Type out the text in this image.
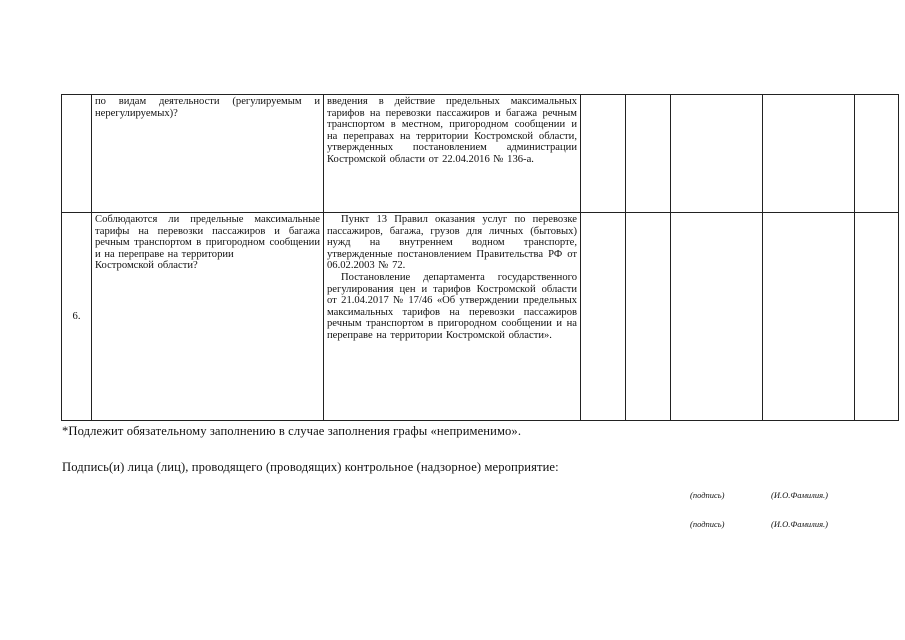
	по видам деятельности (регулируемым и нерегулируемых)?	введения в действие предельных максимальных тарифов на перевозки пассажиров и багажа речным транспортом в местном, пригородном сообщении и на переправах на территории Костромской области, утвержденных постановлением администрации Костромской области от 22.04.2016 № 136-а.					

6.	Соблюдаются ли предельные максимальные тарифы на перевозки пассажиров и багажа речным транспортом в пригородном сообщении и на переправе на территории
Костромской области?	Пункт 13 Правил оказания услуг по перевозке пассажиров, багажа, грузов для личных (бытовых) нужд на внутреннем водном транспорте, утвержденные постановлением Правительства РФ от 06.02.2003 № 72.
Постановление департамента государственного регулирования цен и тарифов Костромской области от 21.04.2017 № 17/46 «Об утверждении предельных максимальных тарифов на перевозки пассажиров речным транспортом в пригородном сообщении и на переправе на территории Костромской области».					

*Подлежит обязательному заполнению в случае заполнения графы «неприменимо».
Подпись(и) лица (лиц), проводящего (проводящих) контрольное (надзорное) мероприятие:
(подпись)	(И.О.Фамилия.)
(подпись)	(И.О.Фамилия.)
